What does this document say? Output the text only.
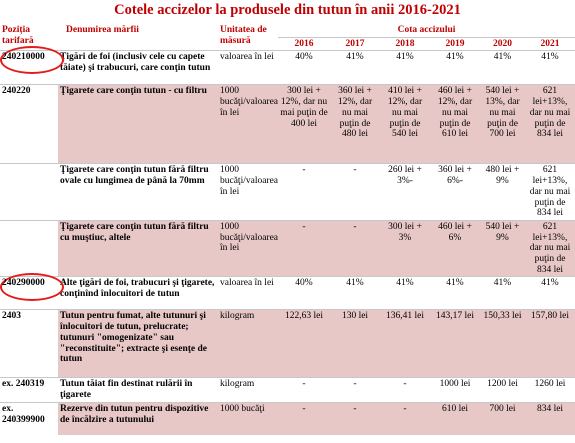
Cotele accizelor la produsele din tutun în anii 2016-2021
Poziția tarifară	Denumirea mărfii	Unitatea de măsură	Cota accizului					
			2016	2017	2018	2019	2020	2021
240210000	Ţigări de foi (inclusiv cele cu capete tăiate) şi trabucuri, care conţin tutun	valoarea în lei	40%	41%	41%	41%	41%	41%
240220	Ţigarete care conţin tutun - cu filtru	1000 bucăţi/valoarea în lei	300 lei + 12%, dar nu mai puţin de 400 lei	360 lei + 12%, dar nu mai puţin de 480 lei	410 lei + 12%, dar nu mai puţin de 540 lei	460 lei + 12%, dar nu mai puţin de 610 lei	540 lei + 13%, dar nu mai puţin de 700 lei	621 lei+13%, dar nu mai puţin de 834 lei
	Ţigarete care conţin tutun fără filtru ovale cu lungimea de până la 70mm	1000 bucăţi/valoarea în lei	-	-	260 lei + 3%-	360 lei + 6%-	480 lei + 9%	621 lei+13%, dar nu mai puţin de 834 lei
	Ţigarete care conţin tutun fără filtru cu muştiuc, altele	1000 bucăţi/valoarea în lei	-	-	300 lei + 3%	460 lei + 6%	540 lei + 9%	621 lei+13%, dar nu mai puţin de 834 lei
240290000	Alte ţigări de foi, trabucuri şi ţigarete, conţinînd înlocuitori de tutun	valoarea în lei	40%	41%	41%	41%	41%	41%
2403	Tutun pentru fumat, alte tutunuri şi înlocuitori de tutun, prelucrate; tutunuri "omogenizate" sau "reconstituite"; extracte şi esenţe de tutun	kilogram	122,63 lei	130 lei	136,41 lei	143,17 lei	150,33 lei	157,80 lei
ex. 240319	Tutun tăiat fin destinat rulării în ţigarete	kilogram	-	-	-	1000 lei	1200 lei	1260 lei
ex. 240399900	Rezerve din tutun pentru dispozitive de încălzire a tutunului	1000 bucăţi	-	-	-	610 lei	700 lei	834 lei
